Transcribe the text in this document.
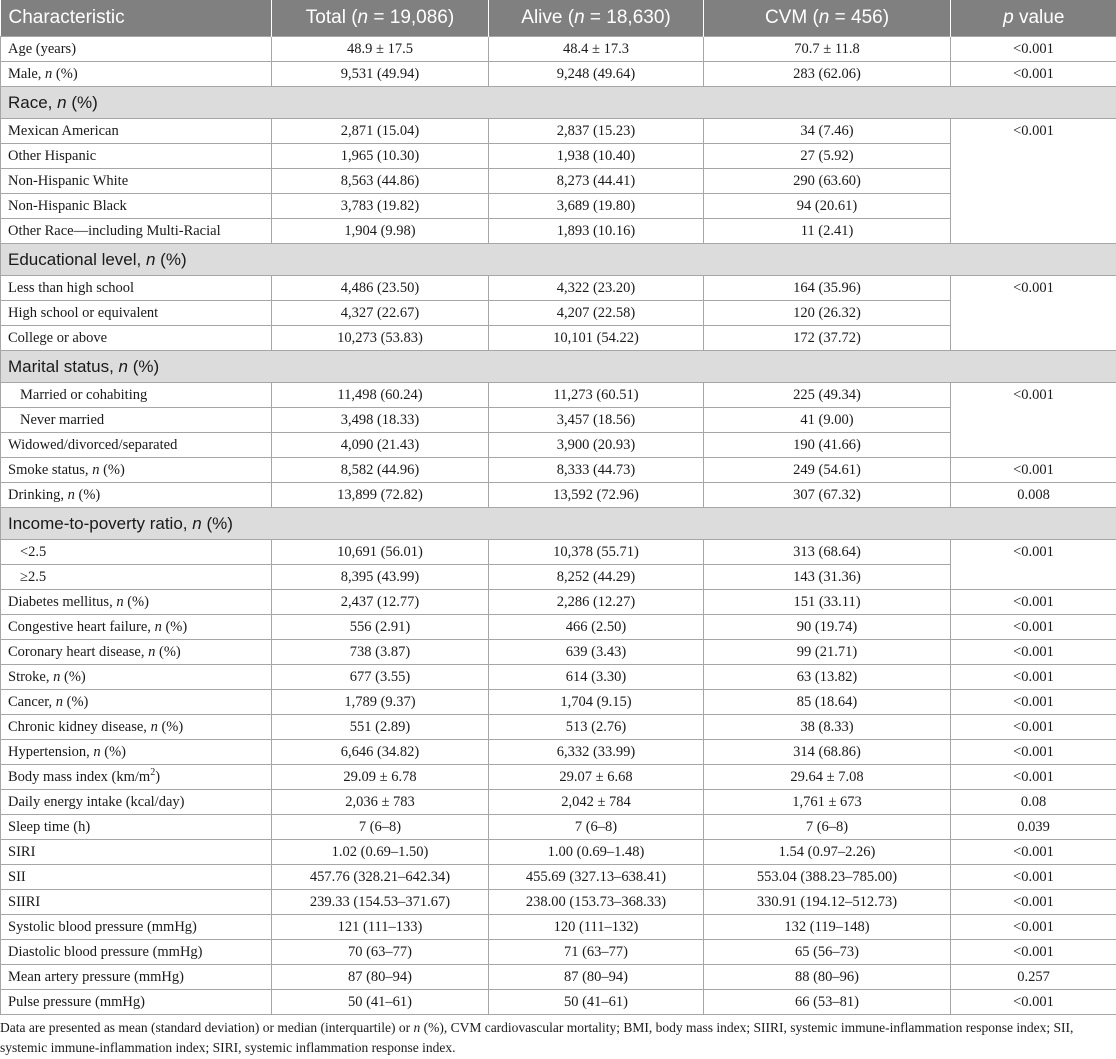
Characteristic	Total (n = 19,086)	Alive (n = 18,630)	CVM (n = 456)	p value
Age (years)	48.9 ± 17.5	48.4 ± 17.3	70.7 ± 11.8	<0.001
Male, n (%)	9,531 (49.94)	9,248 (49.64)	283 (62.06)	<0.001
Race, n (%)				
Mexican American	2,871 (15.04)	2,837 (15.23)	34 (7.46)	<0.001
Other Hispanic	1,965 (10.30)	1,938 (10.40)	27 (5.92)	
Non-Hispanic White	8,563 (44.86)	8,273 (44.41)	290 (63.60)	
Non-Hispanic Black	3,783 (19.82)	3,689 (19.80)	94 (20.61)	
Other Race—including Multi-Racial	1,904 (9.98)	1,893 (10.16)	11 (2.41)	
Educational level, n (%)				
Less than high school	4,486 (23.50)	4,322 (23.20)	164 (35.96)	<0.001
High school or equivalent	4,327 (22.67)	4,207 (22.58)	120 (26.32)	
College or above	10,273 (53.83)	10,101 (54.22)	172 (37.72)	
Marital status, n (%)				
Married or cohabiting	11,498 (60.24)	11,273 (60.51)	225 (49.34)	<0.001
Never married	3,498 (18.33)	3,457 (18.56)	41 (9.00)	
Widowed/divorced/separated	4,090 (21.43)	3,900 (20.93)	190 (41.66)	
Smoke status, n (%)	8,582 (44.96)	8,333 (44.73)	249 (54.61)	<0.001
Drinking, n (%)	13,899 (72.82)	13,592 (72.96)	307 (67.32)	0.008
Income-to-poverty ratio, n (%)				
<2.5	10,691 (56.01)	10,378 (55.71)	313 (68.64)	<0.001
≥2.5	8,395 (43.99)	8,252 (44.29)	143 (31.36)	
Diabetes mellitus, n (%)	2,437 (12.77)	2,286 (12.27)	151 (33.11)	<0.001
Congestive heart failure, n (%)	556 (2.91)	466 (2.50)	90 (19.74)	<0.001
Coronary heart disease, n (%)	738 (3.87)	639 (3.43)	99 (21.71)	<0.001
Stroke, n (%)	677 (3.55)	614 (3.30)	63 (13.82)	<0.001
Cancer, n (%)	1,789 (9.37)	1,704 (9.15)	85 (18.64)	<0.001
Chronic kidney disease, n (%)	551 (2.89)	513 (2.76)	38 (8.33)	<0.001
Hypertension, n (%)	6,646 (34.82)	6,332 (33.99)	314 (68.86)	<0.001
Body mass index $(km/m^2)$	29.09 ± 6.78	29.07 ± 6.68	29.64 ± 7.08	<0.001
Daily energy intake (kcal/day)	2,036 ± 783	2,042 ± 784	1,761 ± 673	0.08
Sleep time (h)	7 (6–8)	7 (6–8)	7 (6–8)	0.039
SIRI	1.02 (0.69–1.50)	1.00 (0.69–1.48)	1.54 (0.97–2.26)	<0.001
SII	457.76 (328.21–642.34)	455.69 (327.13–638.41)	553.04 (388.23–785.00)	<0.001
SIIRI	239.33 (154.53–371.67)	238.00 (153.73–368.33)	330.91 (194.12–512.73)	<0.001
Systolic blood pressure (mmHg)	121 (111–133)	120 (111–132)	132 (119–148)	<0.001
Diastolic blood pressure (mmHg)	70 (63–77)	71 (63–77)	65 (56–73)	<0.001
Mean artery pressure (mmHg)	87 (80–94)	87 (80–94)	88 (80–96)	0.257
Pulse pressure (mmHg)	50 (41–61)	50 (41–61)	66 (53–81)	<0.001
Data are presented as mean (standard deviation) or median (interquartile) or n (%), CVM cardiovascular mortality; BMI, body mass index; SIIRI, systemic immune-inflammation response index; SII, systemic immune-inflammation index; SIRI, systemic inflammation response index.
